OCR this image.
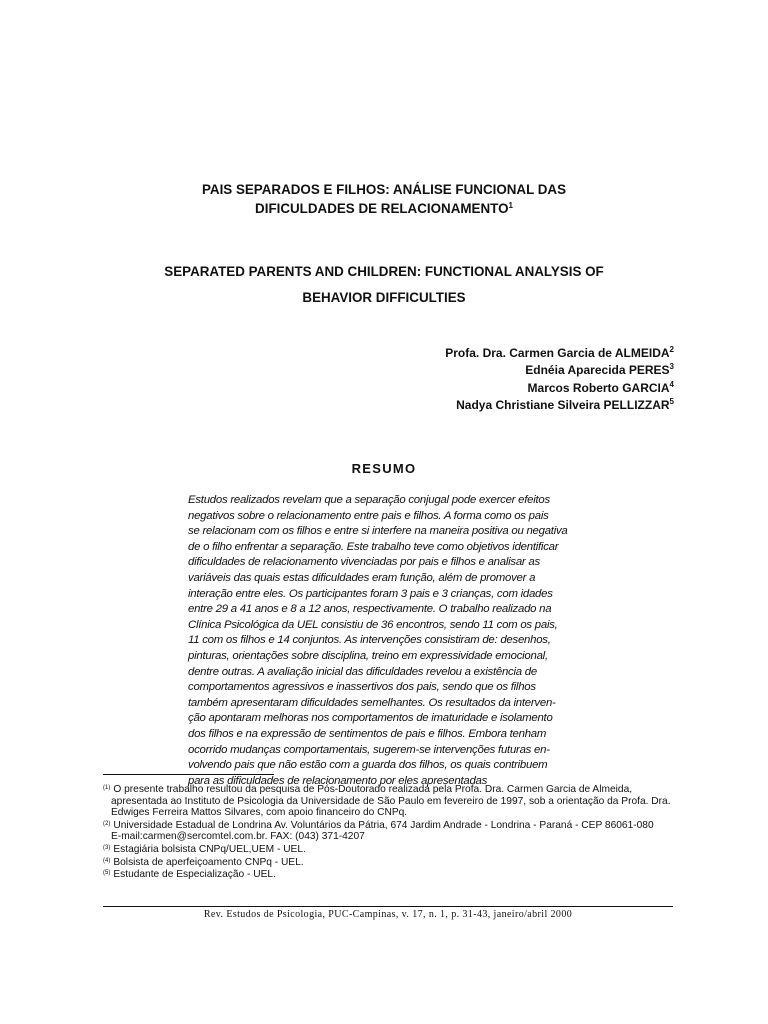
PAIS SEPARADOS E FILHOS: ANÁLISE FUNCIONAL DAS
DIFICULDADES DE RELACIONAMENTO$^1$
SEPARATED PARENTS AND CHILDREN: FUNCTIONAL ANALYSIS OF
BEHAVIOR DIFFICULTIES
Profa. Dra. Carmen Garcia de ALMEIDA$^2$
Ednéia Aparecida PERES$^3$
Marcos Roberto GARCIA$^4$
Nadya Christiane Silveira PELLIZZAR$^5$
RESUMO
Estudos realizados revelam que a separação conjugal pode exercer efeitos
negativos sobre o relacionamento entre pais e filhos. A forma como os pais
se relacionam com os filhos e entre si interfere na maneira positiva ou negativa
de o filho enfrentar a separação. Este trabalho teve como objetivos identificar
dificuldades de relacionamento vivenciadas por pais e filhos e analisar as
variáveis das quais estas dificuldades eram função, além de promover a
interação entre eles. Os participantes foram 3 pais e 3 crianças, com idades
entre 29 a 41 anos e 8 a 12 anos, respectivamente. O trabalho realizado na
Clínica Psicológica da UEL consistiu de 36 encontros, sendo 11 com os pais,
11 com os filhos e 14 conjuntos. As intervenções consistiram de: desenhos,
pinturas, orientações sobre disciplina, treino em expressividade emocional,
dentre outras. A avaliação inicial das dificuldades revelou a existência de
comportamentos agressivos e inassertivos dos pais, sendo que os filhos
também apresentaram dificuldades semelhantes. Os resultados da interven-
ção apontaram melhoras nos comportamentos de imaturidade e isolamento
dos filhos e na expressão de sentimentos de pais e filhos. Embora tenham
ocorrido mudanças comportamentais, sugerem-se intervenções futuras en-
volvendo pais que não estão com a guarda dos filhos, os quais contribuem
para as dificuldades de relacionamento por eles apresentadas
$^{(1)}$ O presente trabalho resultou da pesquisa de Pós-Doutorado realizada pela Profa. Dra. Carmen Garcia de Almeida,
apresentada ao Instituto de Psicologia da Universidade de São Paulo em fevereiro de 1997, sob a orientação da Profa. Dra.
Edwiges Ferreira Mattos Silvares, com apoio financeiro do CNPq.
$^{(2)}$ Universidade Estadual de Londrina Av. Voluntários da Pátria, 674 Jardim Andrade - Londrina - Paraná - CEP 86061-080
E-mail:carmen@sercomtel.com.br. FAX: (043) 371-4207
$^{(3)}$ Estagiária bolsista CNPq/UEL,UEM - UEL.
$^{(4)}$ Bolsista de aperfeiçoamento CNPq - UEL.
$^{(5)}$ Estudante de Especialização - UEL.
Rev. Estudos de Psicologia, PUC-Campinas, v. 17, n. 1, p. 31-43, janeiro/abril 2000
